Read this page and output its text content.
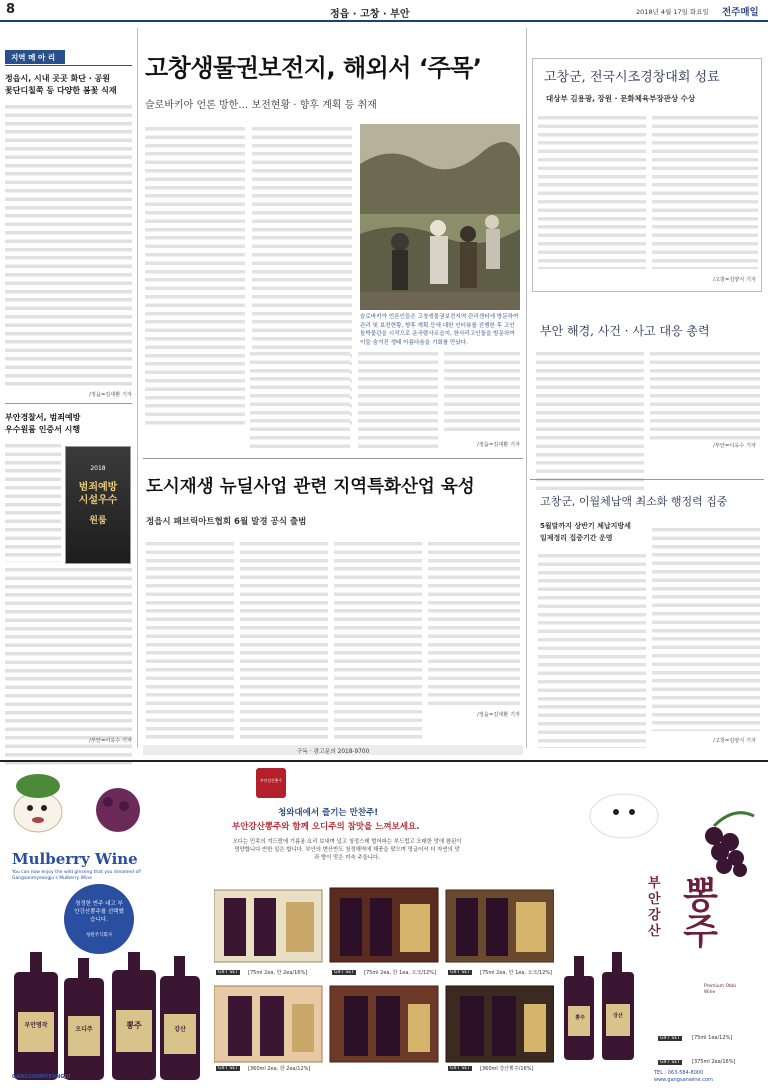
8	정읍 · 고창 · 부안	2018년 4월 17일 화요일 전주매일
지역 메 아 리
정읍시, 시내 곳곳 화단 · 공원
꽃단디칠쭉 등 다양한 봄꽃 식재
/정읍=김대환 기자
부안경찰서, 범죄예방
우수원룸 인증서 시행
2018
범죄예방
시설우수
원룸
/부안=이옥수 기자
고창생물권보전지, 해외서 ‘주목’
슬로바키아 언론 방한… 보전현황 · 향후 계획 등 취재
슬로바키아 언론인들은 고창생물권보전지역 관리센터에 방문하여 관리 및 보전현황, 향후 계획 등에 대한 인터뷰를 진행한 후 고인돌박물관을 시작으로 운곡람사르습지, 한사리고인돌을 방문하여 이들 숨겨진 생태 아름다움을 기회를 만났다.
/정읍=김대환 기자
고창군, 전국시조경창대회 성료
대상부 김용광, 장원 · 문화체육부장관상 수상
/고창=김양식 기자
부안 해경, 사건 · 사고 대응 총력
/부안=이옥수 기자
도시재생 뉴딜사업 관련 지역특화산업 육성
정읍시 패브릭아트협회 6월 말경 공식 출범
/정읍=김대환 기자
고창군, 이월체납액 최소화 행정력 집중
5월말까지 상반기 체납지방세
일제정리 집중기간 운영
/고창=김양식 기자
구독 · 광고문의 2018-9700
Mulberry Wine
You can now enjoy the wild ginseng that you dreamed of! Gangsanmyeongju's Mulberry Wine
청정한 반주 내고 부안강산뽕주를 선택했습니다.
청원주식회사
부안명작
오디주	뽕주	강산
부안강산뽕주
청와대에서 즐기는 만찬주!
부안강산뽕주와 함께 오디주의 참맛을 느껴보세요.
오디는 민족의 겨드랑에 기름용 요리 보내며 널고 청정스레 벌어파는 부드럽고 오래한 맛에 참된이 영양합니다 반한 일은 합니다. 부안의 변산반도 청정해역에 해풍을 맞으며 영글어서 더 자연의 맛과 향이 맛은 미숙 주들니다.
GIFT SET	[75ml 2ea, 한 2ea/16%]	GIFT SET	[75ml 2ea, 한 1ea, 오크/12%]	GIFT SET	[75ml 2ea, 한 1ea, 오크/12%]
GIFT SET	[360ml 2ea, 한 2ea/12%]	GIFT SET	[360ml 강산뽕주/16%]
부안강산 뽕주
Premium Obbi Wine
뽕주	강산
GIFT SET	[75ml 1ea/12%]
GIFT SET	[375ml 2ea/16%]
GANGSANMYEONGJU
TEL : 063-584-8000
www.gangsanwine.com
